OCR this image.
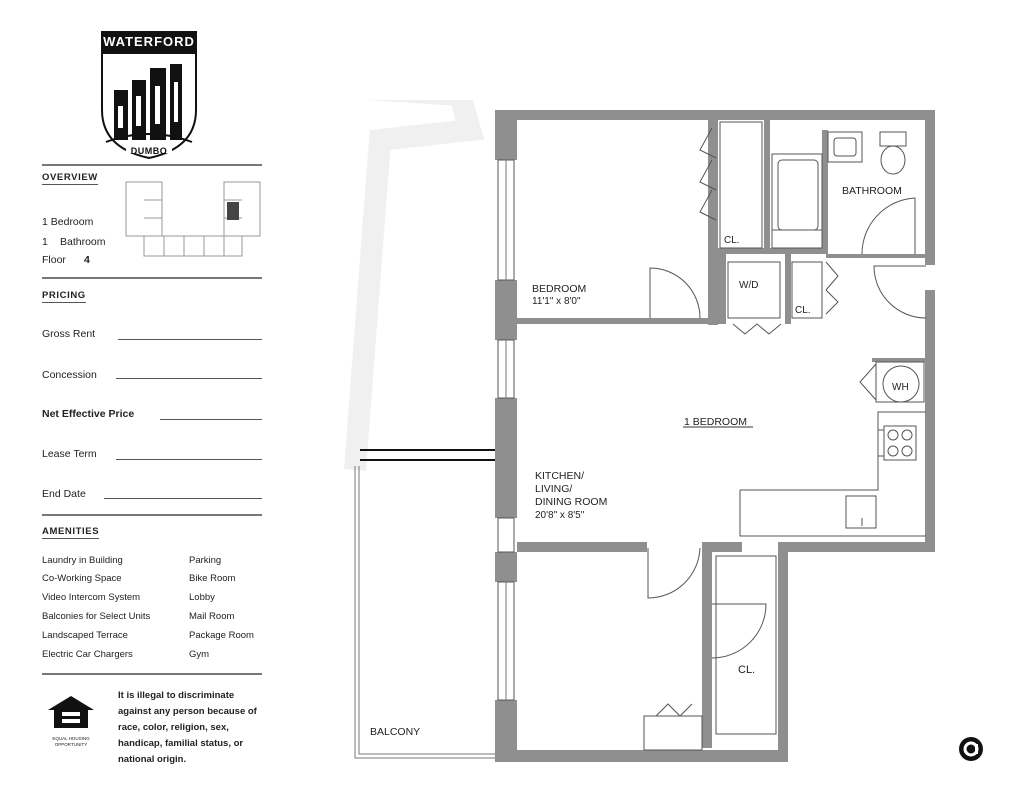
WATERFORD
DUMBO
OVERVIEW
1 Bedroom
1 Bathroom
Floor 4
PRICING
Gross Rent
Concession
Net Effective Price
Lease Term
End Date
AMENITIES
Laundry in Building
Co-Working Space
Video Intercom System
Balconies for Select Units
Landscaped Terrace
Electric Car Chargers
Parking
Bike Room
Lobby
Mail Room
Package Room
Gym
EQUAL HOUSING OPPORTUNITY
It is illegal to discriminate against any person because of race, color, religion, sex, handicap, familial status, or national origin.
BEDROOM
11'1" x 8'0"
BATHROOM
CL.
CL.
CL.
W/D
WH
1 BEDROOM
KITCHEN/
LIVING/
DINING ROOM
20'8" x 8'5"
BALCONY
